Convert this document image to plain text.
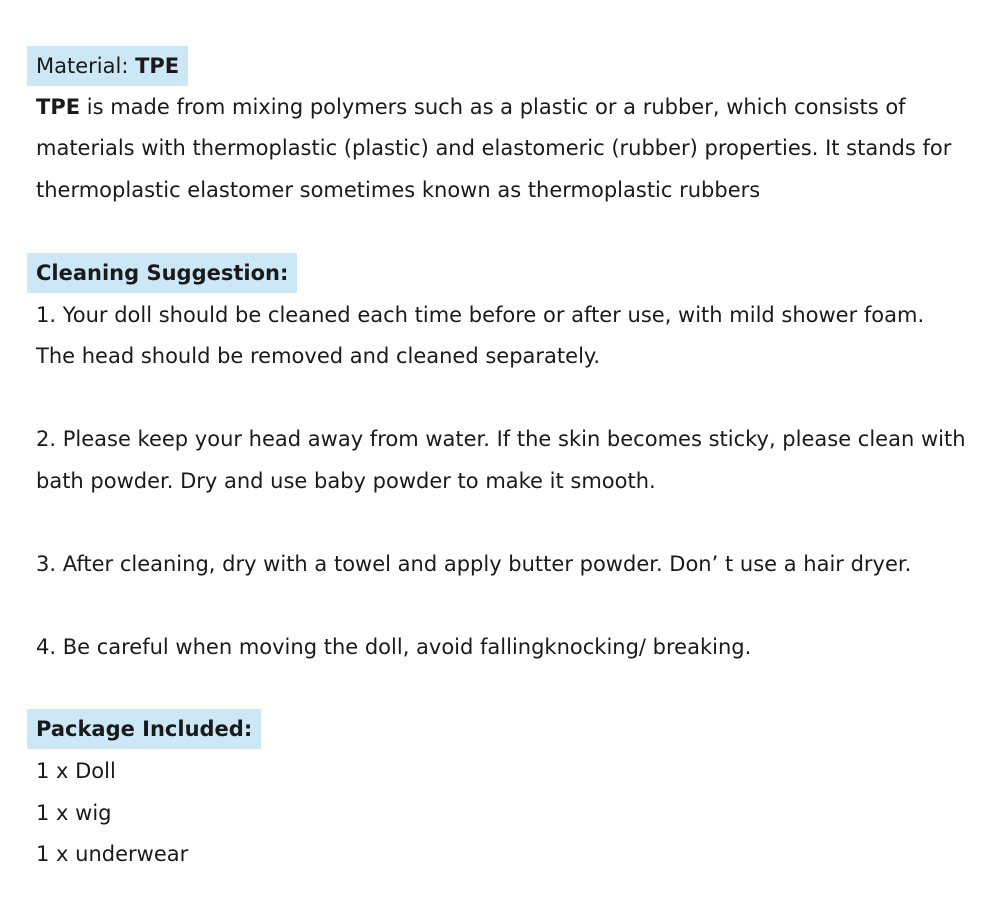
Material: TPE
TPE is made from mixing polymers such as a plastic or a rubber, which consists of
materials with thermoplastic (plastic) and elastomeric (rubber) properties. It stands for
thermoplastic elastomer sometimes known as thermoplastic rubbers
Cleaning Suggestion:
1. Your doll should be cleaned each time before or after use, with mild shower foam.
The head should be removed and cleaned separately.
2. Please keep your head away from water. If the skin becomes sticky, please clean with
bath powder. Dry and use baby powder to make it smooth.
3. After cleaning, dry with a towel and apply butter powder. Don’ t use a hair dryer.
4. Be careful when moving the doll, avoid fallingknocking/ breaking.
Package Included:
1 x Doll
1 x wig
1 x underwear
